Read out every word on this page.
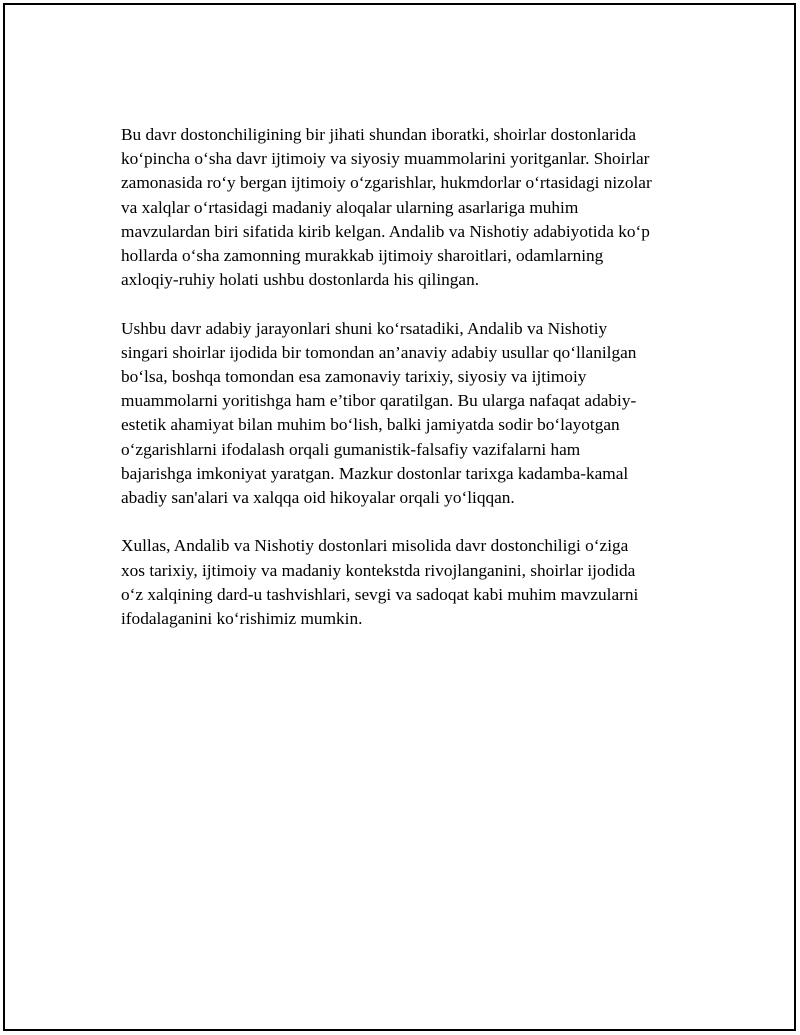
Bu davr dostonchiligining bir jihati shundan iboratki, shoirlar dostonlarida
ko‘pincha o‘sha davr ijtimoiy va siyosiy muammolarini yoritganlar. Shoirlar
zamonasida ro‘y bergan ijtimoiy o‘zgarishlar, hukmdorlar o‘rtasidagi nizolar
va xalqlar o‘rtasidagi madaniy aloqalar ularning asarlariga muhim
mavzulardan biri sifatida kirib kelgan. Andalib va Nishotiy adabiyotida ko‘p
hollarda o‘sha zamonning murakkab ijtimoiy sharoitlari, odamlarning
axloqiy-ruhiy holati ushbu dostonlarda his qilingan.

Ushbu davr adabiy jarayonlari shuni ko‘rsatadiki, Andalib va Nishotiy
singari shoirlar ijodida bir tomondan an’anaviy adabiy usullar qo‘llanilgan
bo‘lsa, boshqa tomondan esa zamonaviy tarixiy, siyosiy va ijtimoiy
muammolarni yoritishga ham e’tibor qaratilgan. Bu ularga nafaqat adabiy-
estetik ahamiyat bilan muhim bo‘lish, balki jamiyatda sodir bo‘layotgan
o‘zgarishlarni ifodalash orqali gumanistik-falsafiy vazifalarni ham
bajarishga imkoniyat yaratgan. Mazkur dostonlar tarixga kadamba-kamal
abadiy san'alari va xalqqa oid hikoyalar orqali yo‘liqqan.

Xullas, Andalib va Nishotiy dostonlari misolida davr dostonchiligi o‘ziga
xos tarixiy, ijtimoiy va madaniy kontekstda rivojlanganini, shoirlar ijodida
o‘z xalqining dard-u tashvishlari, sevgi va sadoqat kabi muhim mavzularni
ifodalaganini ko‘rishimiz mumkin.
